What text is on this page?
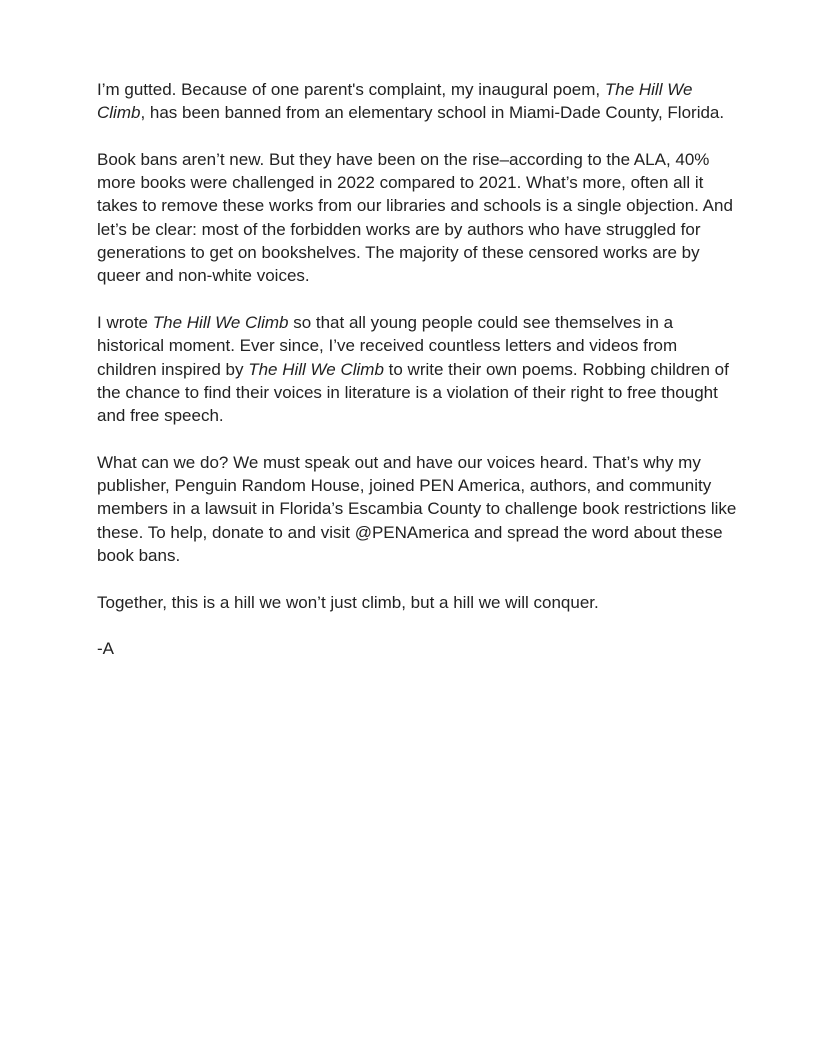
I’m gutted. Because of one parent's complaint, my inaugural poem, The Hill We Climb, has been banned from an elementary school in Miami-Dade County, Florida.

Book bans aren’t new. But they have been on the rise–according to the ALA, 40% more books were challenged in 2022 compared to 2021. What’s more, often all it takes to remove these works from our libraries and schools is a single objection. And let’s be clear: most of the forbidden works are by authors who have struggled for generations to get on bookshelves. The majority of these censored works are by queer and non-white voices.

I wrote The Hill We Climb so that all young people could see themselves in a historical moment. Ever since, I’ve received countless letters and videos from children inspired by The Hill We Climb to write their own poems. Robbing children of the chance to find their voices in literature is a violation of their right to free thought and free speech.

What can we do? We must speak out and have our voices heard. That’s why my publisher, Penguin Random House, joined PEN America, authors, and community members in a lawsuit in Florida’s Escambia County to challenge book restrictions like these. To help, donate to and visit @PENAmerica and spread the word about these book bans.

Together, this is a hill we won’t just climb, but a hill we will conquer.

-A
